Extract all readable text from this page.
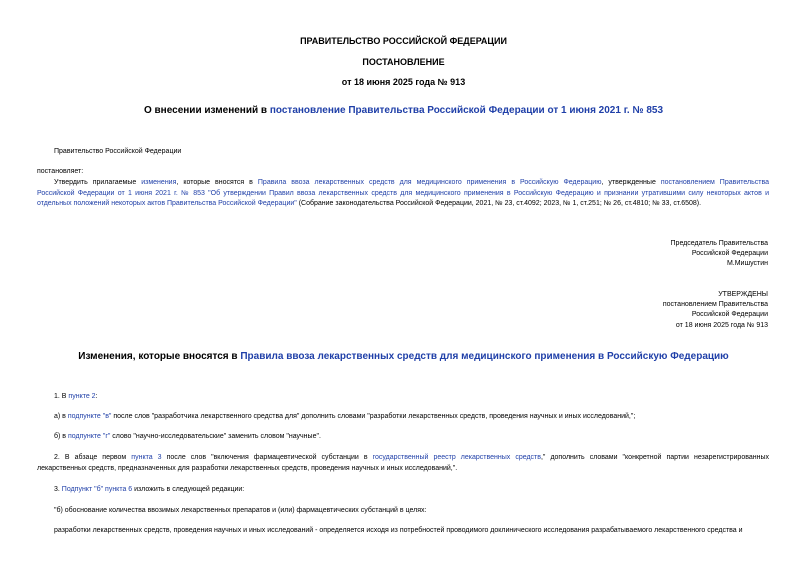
ПРАВИТЕЛЬСТВО РОССИЙСКОЙ ФЕДЕРАЦИИ
ПОСТАНОВЛЕНИЕ
от 18 июня 2025 года № 913
О внесении изменений в постановление Правительства Российской Федерации от 1 июня 2021 г. № 853
Правительство Российской Федерации
постановляет:
Утвердить прилагаемые изменения, которые вносятся в Правила ввоза лекарственных средств для медицинского применения в Российскую Федерацию, утвержденные постановлением Правительства
Российской Федерации от 1 июня 2021 г. № 853 "Об утверждении Правил ввоза лекарственных средств для медицинского применения в Российскую Федерацию и признании утратившими силу некоторых актов и
отдельных положений некоторых актов Правительства Российской Федерации" (Собрание законодательства Российской Федерации, 2021, № 23, ст.4092; 2023, № 1, ст.251; № 26, ст.4810; № 33, ст.6508).
Председатель Правительства
Российской Федерации
М.Мишустин
УТВЕРЖДЕНЫ
постановлением Правительства
Российской Федерации
от 18 июня 2025 года № 913
Изменения, которые вносятся в Правила ввоза лекарственных средств для медицинского применения в Российскую Федерацию
1. В пункте 2:
а) в подпункте "в" после слов "разработчика лекарственного средства для" дополнить словами "разработки лекарственных средств, проведения научных и иных исследований,";
б) в подпункте "г" слово "научно-исследовательские" заменить словом "научные".
2. В абзаце первом пункта 3 после слов "включения фармацевтической субстанции в государственный реестр лекарственных средств," дополнить словами "конкретной партии незарегистрированных
лекарственных средств, предназначенных для разработки лекарственных средств, проведения научных и иных исследований,".
3. Подпункт "б" пункта 6 изложить в следующей редакции:
"б) обоснование количества ввозимых лекарственных препаратов и (или) фармацевтических субстанций в целях:
разработки лекарственных средств, проведения научных и иных исследований - определяется исходя из потребностей проводимого доклинического исследования разрабатываемого лекарственного средства и
